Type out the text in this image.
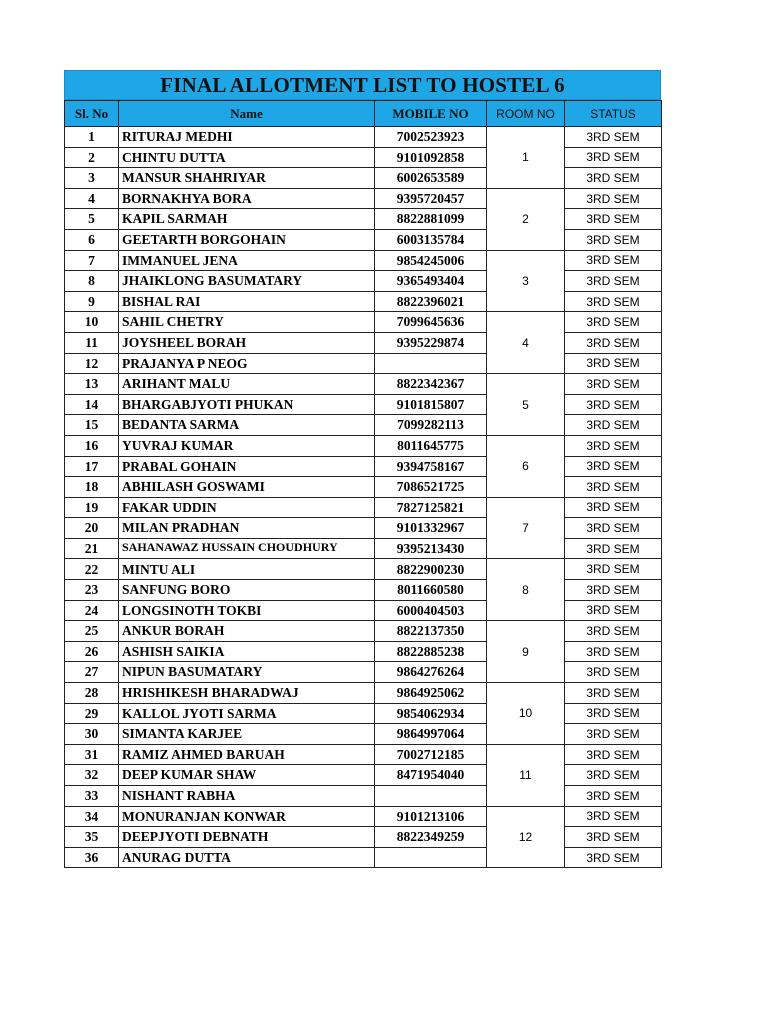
FINAL ALLOTMENT LIST TO HOSTEL 6
Sl. No	Name	MOBILE NO	ROOM NO	STATUS
1	RITURAJ MEDHI	7002523923	1	3RD SEM
2	CHINTU DUTTA	9101092858		3RD SEM
3	MANSUR SHAHRIYAR	6002653589		3RD SEM
4	BORNAKHYA BORA	9395720457	2	3RD SEM
5	KAPIL SARMAH	8822881099		3RD SEM
6	GEETARTH BORGOHAIN	6003135784		3RD SEM
7	IMMANUEL JENA	9854245006	3	3RD SEM
8	JHAIKLONG BASUMATARY	9365493404		3RD SEM
9	BISHAL RAI	8822396021		3RD SEM
10	SAHIL CHETRY	7099645636	4	3RD SEM
11	JOYSHEEL BORAH	9395229874		3RD SEM
12	PRAJANYA P NEOG			3RD SEM
13	ARIHANT MALU	8822342367	5	3RD SEM
14	BHARGABJYOTI PHUKAN	9101815807		3RD SEM
15	BEDANTA SARMA	7099282113		3RD SEM
16	YUVRAJ KUMAR	8011645775	6	3RD SEM
17	PRABAL GOHAIN	9394758167		3RD SEM
18	ABHILASH GOSWAMI	7086521725		3RD SEM
19	FAKAR UDDIN	7827125821	7	3RD SEM
20	MILAN PRADHAN	9101332967		3RD SEM
21	SAHANAWAZ HUSSAIN CHOUDHURY	9395213430		3RD SEM
22	MINTU ALI	8822900230	8	3RD SEM
23	SANFUNG BORO	8011660580		3RD SEM
24	LONGSINOTH TOKBI	6000404503		3RD SEM
25	ANKUR BORAH	8822137350	9	3RD SEM
26	ASHISH SAIKIA	8822885238		3RD SEM
27	NIPUN BASUMATARY	9864276264		3RD SEM
28	HRISHIKESH BHARADWAJ	9864925062	10	3RD SEM
29	KALLOL JYOTI SARMA	9854062934		3RD SEM
30	SIMANTA KARJEE	9864997064		3RD SEM
31	RAMIZ AHMED BARUAH	7002712185	11	3RD SEM
32	DEEP KUMAR SHAW	8471954040		3RD SEM
33	NISHANT RABHA			3RD SEM
34	MONURANJAN KONWAR	9101213106	12	3RD SEM
35	DEEPJYOTI DEBNATH	8822349259		3RD SEM
36	ANURAG DUTTA			3RD SEM
